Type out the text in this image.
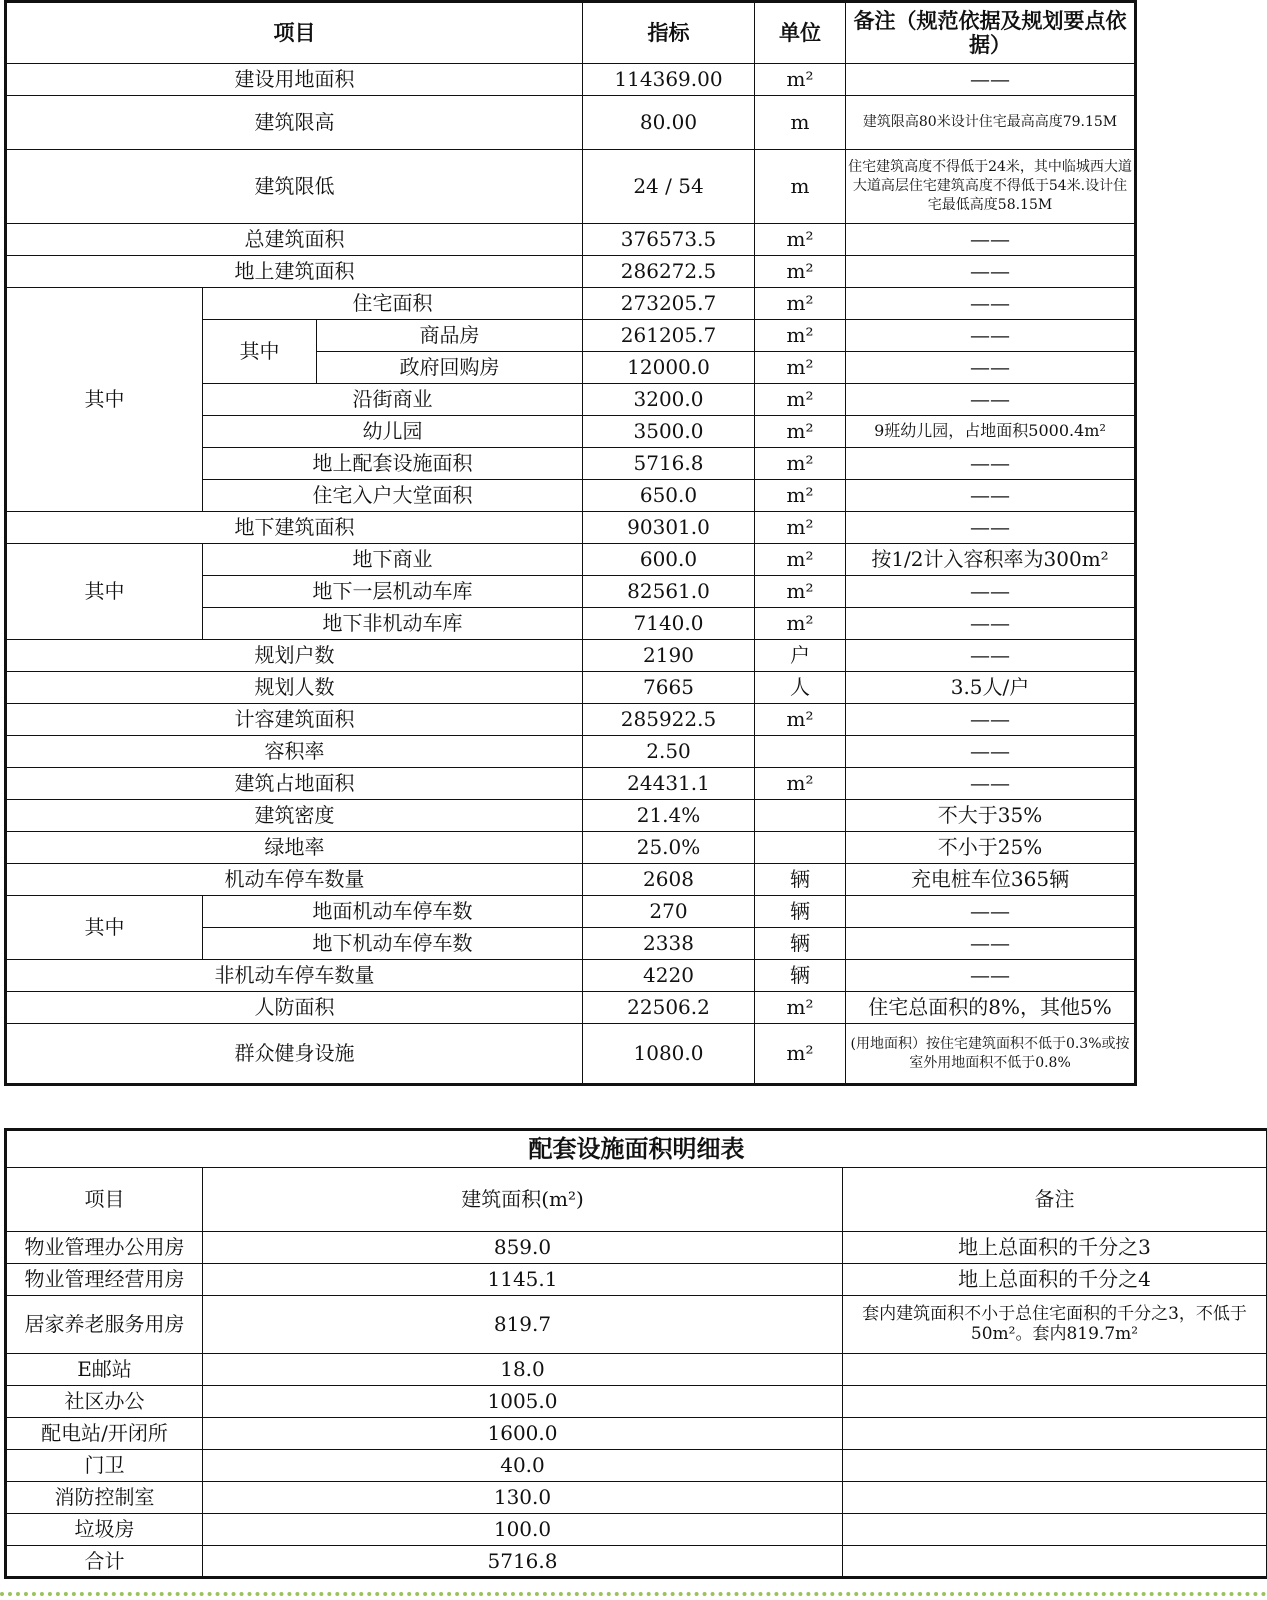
项目			指标	单位	备注（规范依据及规划要点依据）
建设用地面积			114369.00	m²	——
建筑限高			80.00	m	建筑限高80米设计住宅最高高度79.15M
建筑限低			24 / 54	m	住宅建筑高度不得低于24米，其中临城西大道大道高层住宅建筑高度不得低于54米.设计住宅最低高度58.15M
总建筑面积			376573.5	m²	——
地上建筑面积			286272.5	m²	——
其中	住宅面积		273205.7	m²	——
	其中	商品房	261205.7	m²	——
		政府回购房	12000.0	m²	——
	沿街商业		3200.0	m²	——
	幼儿园		3500.0	m²	9班幼儿园，占地面积5000.4m²
	地上配套设施面积		5716.8	m²	——
	住宅入户大堂面积		650.0	m²	——
地下建筑面积			90301.0	m²	——
其中	地下商业		600.0	m²	按1/2计入容积率为300m²
	地下一层机动车库		82561.0	m²	——
	地下非机动车库		7140.0	m²	——
规划户数			2190	户	——
规划人数			7665	人	3.5人/户
计容建筑面积			285922.5	m²	——
容积率			2.50		——
建筑占地面积			24431.1	m²	——
建筑密度			21.4%		不大于35%
绿地率			25.0%		不小于25%
机动车停车数量			2608	辆	充电桩车位365辆
其中	地面机动车停车数		270	辆	——
	地下机动车停车数		2338	辆	——
非机动车停车数量			4220	辆	——
人防面积			22506.2	m²	住宅总面积的8%，其他5%
群众健身设施			1080.0	m²	(用地面积）按住宅建筑面积不低于0.3%或按室外用地面积不低于0.8%
配套设施面积明细表		
项目	建筑面积(m²)	备注
物业管理办公用房	859.0	地上总面积的千分之3
物业管理经营用房	1145.1	地上总面积的千分之4
居家养老服务用房	819.7	套内建筑面积不小于总住宅面积的千分之3，不低于50m²。套内819.7m²
E邮站	18.0	
社区办公	1005.0	
配电站/开闭所	1600.0	
门卫	40.0	
消防控制室	130.0	
垃圾房	100.0	
合计	5716.8	
